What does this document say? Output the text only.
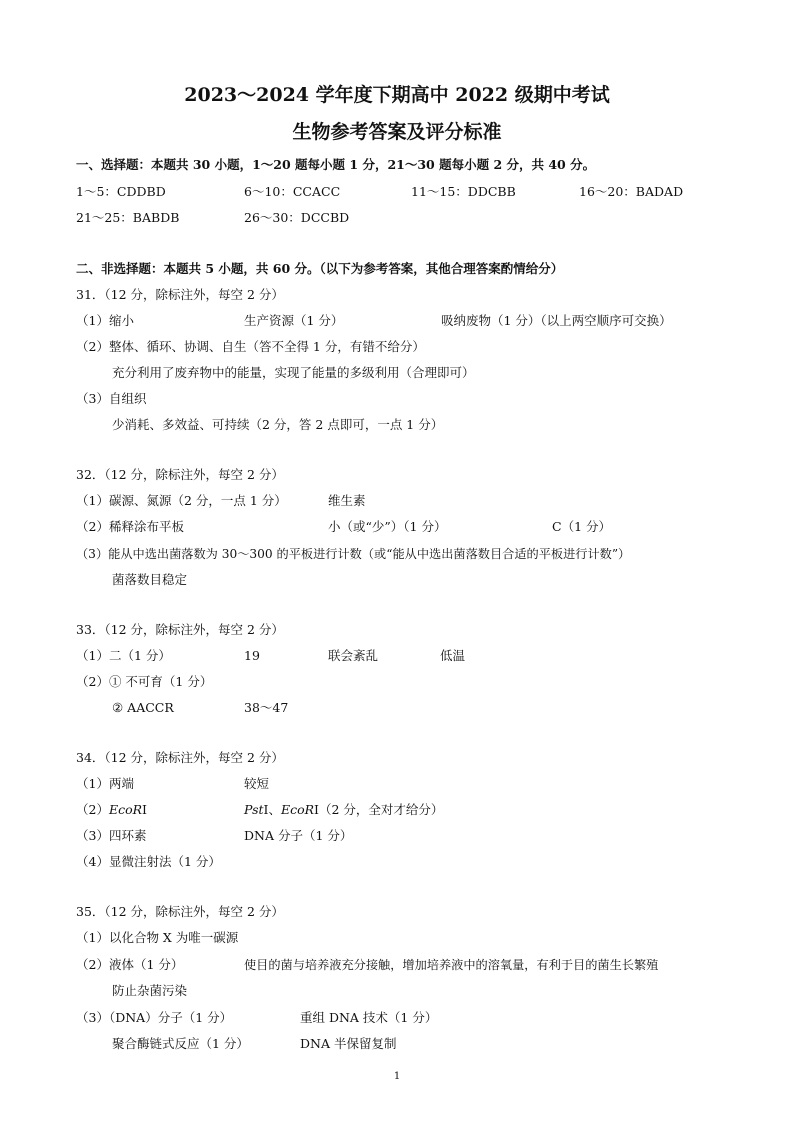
2023～2024 学年度下期高中 2022 级期中考试
生物参考答案及评分标准
一、选择题：本题共 30 小题，1～20 题每小题 1 分，21～30 题每小题 2 分，共 40 分。
1～5：CDDBD	6～10：CCACC	11～15：DDCBB	16～20：BADAD
21～25：BABDB	26～30：DCCBD
二、非选择题：本题共 5 小题，共 60 分。（以下为参考答案，其他合理答案酌情给分）
31．（12 分，除标注外，每空 2 分）
（1）缩小	生产资源（1 分）	吸纳废物（1 分）（以上两空顺序可交换）
（2）整体、循环、协调、自生（答不全得 1 分，有错不给分）
充分利用了废弃物中的能量，实现了能量的多级利用（合理即可）
（3）自组织
少消耗、多效益、可持续（2 分，答 2 点即可，一点 1 分）
32．（12 分，除标注外，每空 2 分）
（1）碳源、氮源（2 分，一点 1 分）	维生素
（2）稀释涂布平板	小（或“少”）（1 分）	C（1 分）
（3）能从中选出菌落数为 30～300 的平板进行计数（或“能从中选出菌落数目合适的平板进行计数”）
菌落数目稳定
33．（12 分，除标注外，每空 2 分）
（1）二（1 分）	19	联会紊乱	低温
（2）① 不可育（1 分）
② AACCR	38～47
34．（12 分，除标注外，每空 2 分）
（1）两端	较短
（2）EcoRⅠ	PstⅠ、EcoRⅠ（2 分，全对才给分）
（3）四环素	DNA 分子（1 分）
（4）显微注射法（1 分）
35．（12 分，除标注外，每空 2 分）
（1）以化合物 X 为唯一碳源
（2）液体（1 分）	使目的菌与培养液充分接触，增加培养液中的溶氧量，有利于目的菌生长繁殖
防止杂菌污染
（3）（DNA）分子（1 分）	重组 DNA 技术（1 分）
聚合酶链式反应（1 分）	DNA 半保留复制
1
